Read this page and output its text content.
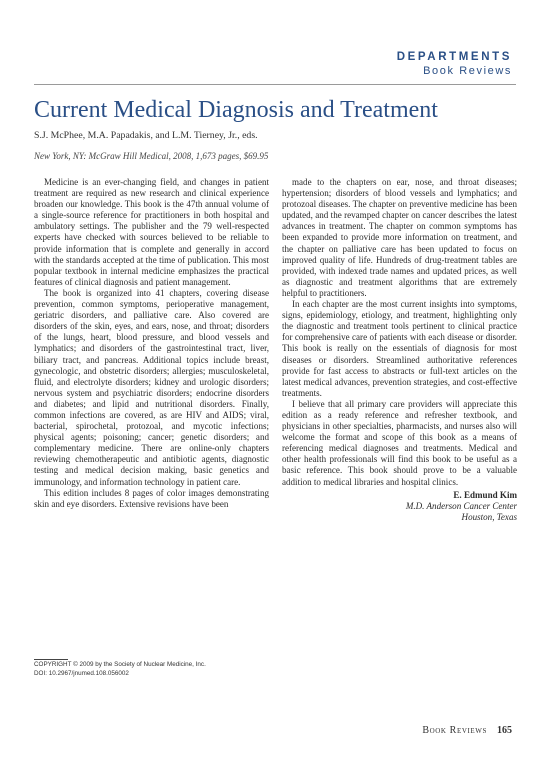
DEPARTMENTS
Book Reviews
Current Medical Diagnosis and Treatment
S.J. McPhee, M.A. Papadakis, and L.M. Tierney, Jr., eds.
New York, NY: McGraw Hill Medical, 2008, 1,673 pages, $69.95

Medicine is an ever-changing field, and changes in patient treatment are required as new research and clinical experience broaden our knowledge. This book is the 47th annual volume of a single-source reference for practitioners in both hospital and ambulatory settings. The publisher and the 79 well-respected experts have checked with sources believed to be reliable to provide information that is complete and generally in accord with the standards accepted at the time of publication. This most popular textbook in internal medicine emphasizes the practical features of clinical diagnosis and patient management.

The book is organized into 41 chapters, covering disease prevention, common symptoms, perioperative management, geriatric disorders, and palliative care. Also covered are disorders of the skin, eyes, and ears, nose, and throat; disorders of the lungs, heart, blood pressure, and blood vessels and lymphatics; and disorders of the gastrointestinal tract, liver, biliary tract, and pancreas. Additional topics include breast, gynecologic, and obstetric disorders; allergies; musculoskeletal, fluid, and electrolyte disorders; kidney and urologic disorders; nervous system and psychiatric disorders; endocrine disorders and diabetes; and lipid and nutritional disorders. Finally, common infections are covered, as are HIV and AIDS; viral, bacterial, spirochetal, protozoal, and mycotic infections; physical agents; poisoning; cancer; genetic disorders; and complementary medicine. There are online-only chapters reviewing chemotherapeutic and antibiotic agents, diagnostic testing and medical decision making, basic genetics and immunology, and information technology in patient care.

This edition includes 8 pages of color images demonstrating skin and eye disorders. Extensive revisions have been

made to the chapters on ear, nose, and throat diseases; hypertension; disorders of blood vessels and lymphatics; and protozoal diseases. The chapter on preventive medicine has been updated, and the revamped chapter on cancer describes the latest advances in treatment. The chapter on common symptoms has been expanded to provide more information on treatment, and the chapter on palliative care has been updated to focus on improved quality of life. Hundreds of drug-treatment tables are provided, with indexed trade names and updated prices, as well as diagnostic and treatment algorithms that are extremely helpful to practitioners.

In each chapter are the most current insights into symptoms, signs, epidemiology, etiology, and treatment, highlighting only the diagnostic and treatment tools pertinent to clinical practice for comprehensive care of patients with each disease or disorder. This book is really on the essentials of diagnosis for most diseases or disorders. Streamlined authoritative references provide for fast access to abstracts or full-text articles on the latest medical advances, prevention strategies, and cost-effective treatments.

I believe that all primary care providers will appreciate this edition as a ready reference and refresher textbook, and physicians in other specialties, pharmacists, and nurses also will welcome the format and scope of this book as a means of referencing medical diagnoses and treatments. Medical and other health professionals will find this book to be useful as a basic reference. This book should prove to be a valuable addition to medical libraries and hospital clinics.

E. Edmund Kim
M.D. Anderson Cancer Center
Houston, Texas
COPYRIGHT © 2009 by the Society of Nuclear Medicine, Inc.
DOI: 10.2967/jnumed.108.056002
Book Reviews 165
